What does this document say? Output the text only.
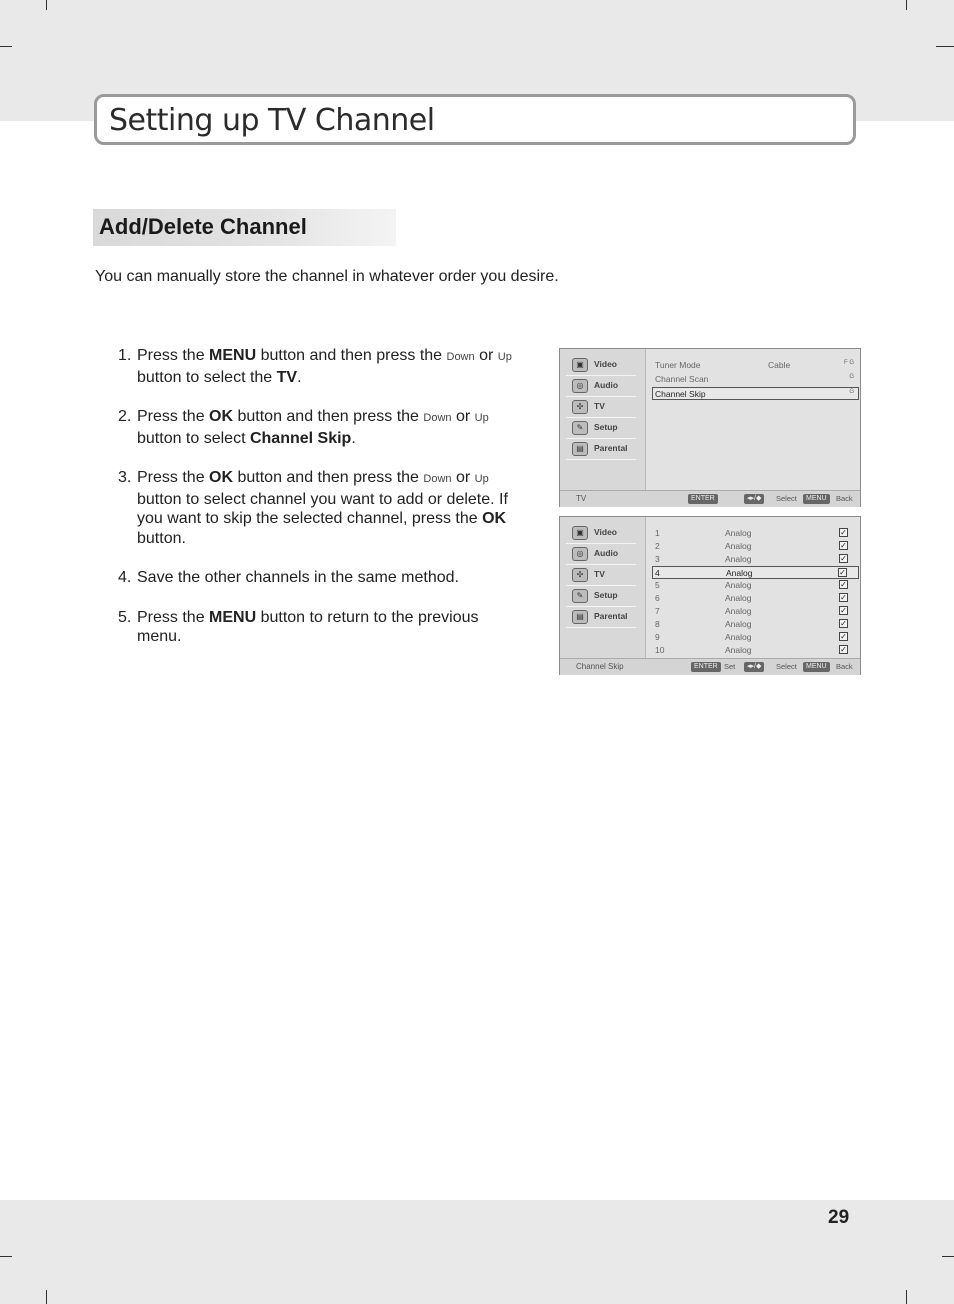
Setting up TV Channel
Add/Delete Channel
You can manually store the channel in whatever order you desire.
1. Press the MENU button and then press the Down or Up button to select the TV.
2. Press the OK button and then press the Down or Up button to select Channel Skip.
3. Press the OK button and then press the Down or Up button to select channel you want to add or delete. If you want to skip the selected channel, press the OK button.
4. Save the other channels in the same method.
5. Press the MENU button to return to the previous menu.
▣	Video
◎	Audio
✣	TV
✎	Setup
▤	Parental
Tuner Mode	Cable	F G
Channel Scan	G
Channel Skip	G
TV	ENTER	◂▸/◆	Select	MENU	Back
▣	Video
◎	Audio
✣	TV
✎	Setup
▤	Parental
1	Analog	✓
2	Analog	✓
3	Analog	✓
4	Analog	✓
5	Analog	✓
6	Analog	✓
7	Analog	✓
8	Analog	✓
9	Analog	✓
10	Analog	✓
Channel Skip	ENTER Set	◂▸/◆	Select	MENU	Back
29
